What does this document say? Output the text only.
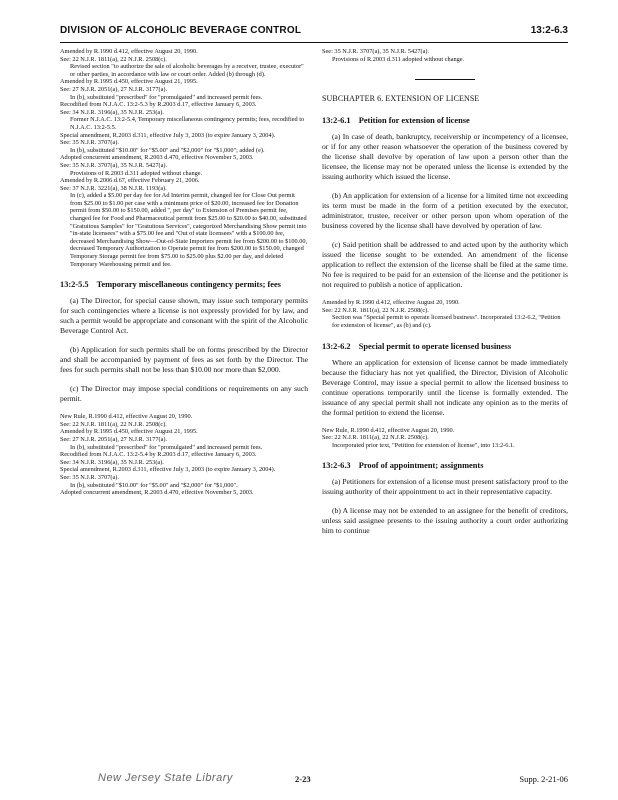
DIVISION OF ALCOHOLIC BEVERAGE CONTROL	13:2-6.3
Amended by R.1990 d.412, effective August 20, 1990.
See: 22 N.J.R. 1811(a), 22 N.J.R. 2508(c).
Revised section "to authorize the sale of alcoholic beverages by a receiver, trustee, executor" or other parties, in accordance with law or court order. Added (b) through (d).
Amended by R.1995 d.450, effective August 21, 1995.
See: 27 N.J.R. 2051(a), 27 N.J.R. 3177(a).
In (b), substituted "prescribed" for "promulgated" and increased permit fees.
Recodified from N.J.A.C. 13:2-5.3 by R.2003 d.17, effective January 6, 2003.
See: 34 N.J.R. 3196(a), 35 N.J.R. 253(a).
Former N.J.A.C. 13:2-5.4, Temporary miscellaneous contingency permits; fees, recodified to N.J.A.C. 13:2-5.5.
Special amendment, R.2003 d.311, effective July 3, 2003 (to expire January 3, 2004).
See: 35 N.J.R. 3707(a).
In (b), substituted "$10.00" for "$5.00" and "$2,000" for "$1,000"; added (e).
Adopted concurrent amendment, R.2003 d.470, effective November 5, 2003.
See: 35 N.J.R. 3707(a), 35 N.J.R. 5427(a).
Provisions of R.2003 d.311 adopted without change.
Amended by R.2006 d.67, effective February 21, 2006.
See: 37 N.J.R. 3221(a), 38 N.J.R. 1193(a).
In (c), added a $5.00 per day fee for Ad Interim permit, changed fee for Close Out permit from $25.00 to $1.00 per case with a minimum price of $20.00, increased fee for Donation permit from $50.00 to $150.00, added ", per day" to Extension of Premises permit fee, changed fee for Food and Pharmaceutical permit from $25.00 to $20.00 to $40.00, substituted "Gratuitous Samples" for "Gratuitous Services", categorized Merchandising Show permit into "in-state licensees" with a $75.00 fee and "Out of state licensees" with a $100.00 fee, decreased Merchandising Show—Out-of-State Importers permit fee from $200.00 to $100.00, decreased Temporary Authorization to Operate permit fee from $200.00 to $150.00, changed Temporary Storage permit fee from $75.00 to $25.00 plus $2.00 per day, and deleted Temporary Warehousing permit and fee.
13:2-5.5 Temporary miscellaneous contingency permits; fees

(a) The Director, for special cause shown, may issue such temporary permits for such contingencies where a license is not expressly provided for by law, and such a permit would be appropriate and consonant with the spirit of the Alcoholic Beverage Control Act.

(b) Application for such permits shall be on forms prescribed by the Director and shall be accompanied by payment of fees as set forth by the Director. The fees for such permits shall not be less than $10.00 nor more than $2,000.

(c) The Director may impose special conditions or requirements on any such permit.

New Rule, R.1990 d.412, effective August 20, 1990.
See: 22 N.J.R. 1811(a), 22 N.J.R. 2508(c).
Amended by R.1995 d.450, effective August 21, 1995.
See: 27 N.J.R. 2051(a), 27 N.J.R. 3177(a).
In (b), substituted "prescribed" for "promulgated" and increased permit fees.
Recodified from N.J.A.C. 13:2-5.4 by R.2003 d.17, effective January 6, 2003.
See: 34 N.J.R. 3196(a), 35 N.J.R. 253(a).
Special amendment, R.2003 d.311, effective July 3, 2003 (to expire January 3, 2004).
See: 35 N.J.R. 3707(a).
In (b), substituted "$10.00" for "$5.00" and "$2,000" for "$1,000".
Adopted concurrent amendment, R.2003 d.470, effective November 5, 2003.
See: 35 N.J.R. 3707(a), 35 N.J.R. 5427(a).
Provisions of R.2003 d.311 adopted without change.
SUBCHAPTER 6. EXTENSION OF LICENSE
13:2-6.1 Petition for extension of license

(a) In case of death, bankruptcy, receivership or incompetency of a licensee, or if for any other reason whatsoever the operation of the business covered by the license shall devolve by operation of law upon a person other than the licensee, the license may not be operated unless the license is extended by the issuing authority which issued the license.

(b) An application for extension of a license for a limited time not exceeding its term must be made in the form of a petition executed by the executor, administrator, trustee, receiver or other person upon whom operation of the business covered by the license shall have devolved by operation of law.

(c) Said petition shall be addressed to and acted upon by the authority which issued the license sought to be extended. An amendment of the license application to reflect the extension of the license shall be filed at the same time. No fee is required to be paid for an extension of the license and the petitioner is not required to publish a notice of application.

Amended by R.1990 d.412, effective August 20, 1990.
See: 22 N.J.R. 1811(a), 22 N.J.R. 2508(c).
Section was "Special permit to operate licensed business". Incorporated 13:2-6.2, "Petition for extension of license", as (b) and (c).
13:2-6.2 Special permit to operate licensed business

Where an application for extension of license cannot be made immediately because the fiduciary has not yet qualified, the Director, Division of Alcoholic Beverage Control, may issue a special permit to allow the licensed business to continue operations temporarily until the license is formally extended. The issuance of any special permit shall not indicate any opinion as to the merits of the formal petition to extend the license.

New Rule, R.1990 d.412, effective August 20, 1990.
See: 22 N.J.R. 1811(a), 22 N.J.R. 2508(c).
Incorporated prior text, "Petition for extension of license", into 13:2-6.1.
13:2-6.3 Proof of appointment; assignments

(a) Petitioners for extension of a license must present satisfactory proof to the issuing authority of their appointment to act in their representative capacity.

(b) A license may not be extended to an assignee for the benefit of creditors, unless said assignee presents to the issuing authority a court order authorizing him to continue

New Jersey State Library	2-23	Supp. 2-21-06
